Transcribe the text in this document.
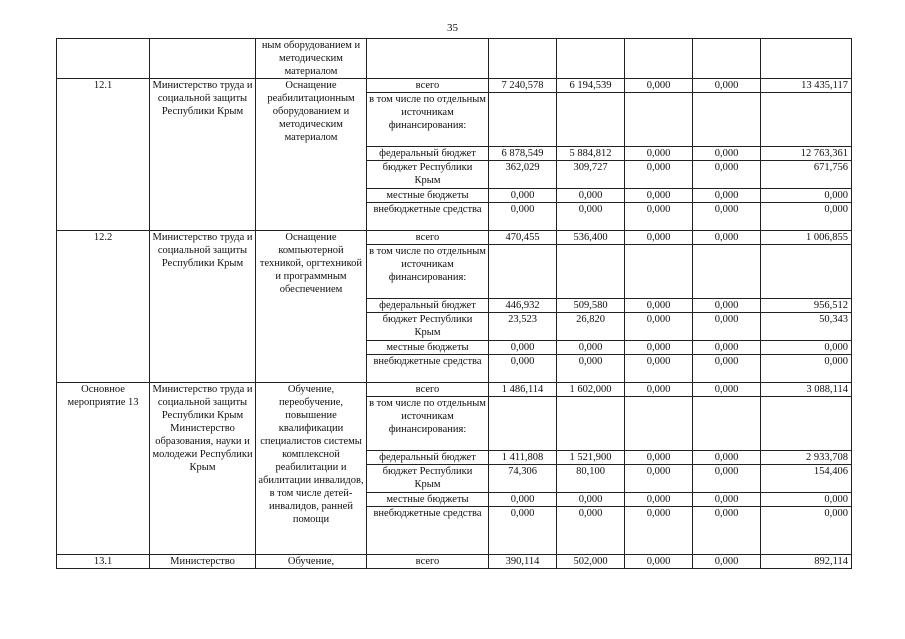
35
		ным оборудованием и методическим материалом						
12.1	Министерство труда и социальной защиты Республики Крым	Оснащение реабилитационным оборудованием и методическим материалом	всего	7 240,578	6 194,539	0,000	0,000	13 435,117
			в том числе по отдельным источникам финансирования:					
			федеральный бюджет	6 878,549	5 884,812	0,000	0,000	12 763,361
			бюджет Республики Крым	362,029	309,727	0,000	0,000	671,756
			местные бюджеты	0,000	0,000	0,000	0,000	0,000
			внебюджетные средства	0,000	0,000	0,000	0,000	0,000
12.2	Министерство труда и социальной защиты Республики Крым	Оснащение компьютерной техникой, оргтехникой и программным обеспечением	всего	470,455	536,400	0,000	0,000	1 006,855
			в том числе по отдельным источникам финансирования:					
			федеральный бюджет	446,932	509,580	0,000	0,000	956,512
			бюджет Республики Крым	23,523	26,820	0,000	0,000	50,343
			местные бюджеты	0,000	0,000	0,000	0,000	0,000
			внебюджетные средства	0,000	0,000	0,000	0,000	0,000
Основное мероприятие 13	Министерство труда и социальной защиты Республики Крым Министерство образования, науки и молодежи Республики Крым	Обучение, переобучение, повышение квалификации специалистов системы комплексной реабилитации и абилитации инвалидов, в том числе детей-инвалидов, ранней помощи	всего	1 486,114	1 602,000	0,000	0,000	3 088,114
			в том числе по отдельным источникам финансирования:					
			федеральный бюджет	1 411,808	1 521,900	0,000	0,000	2 933,708
			бюджет Республики Крым	74,306	80,100	0,000	0,000	154,406
			местные бюджеты	0,000	0,000	0,000	0,000	0,000
			внебюджетные средства	0,000	0,000	0,000	0,000	0,000
13.1	Министерство	Обучение,	всего	390,114	502,000	0,000	0,000	892,114
